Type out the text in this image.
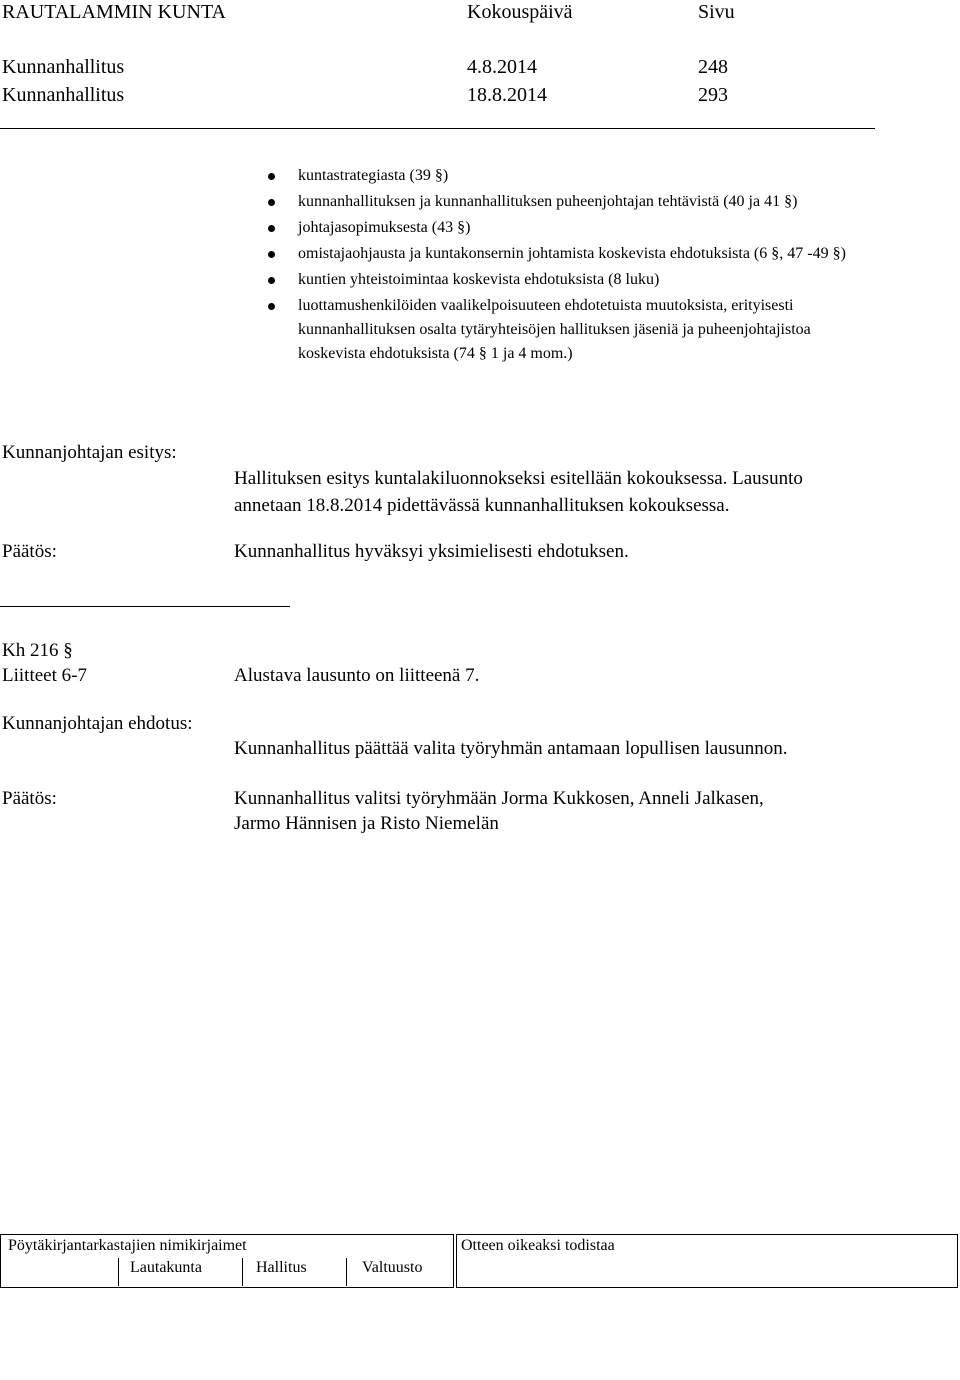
RAUTALAMMIN KUNTA	Kokouspäivä	Sivu
Kunnanhallitus	4.8.2014	248
Kunnanhallitus	18.8.2014	293
kuntastrategiasta (39 §)
kunnanhallituksen ja kunnanhallituksen puheenjohtajan tehtävistä (40 ja 41 §)
johtajasopimuksesta (43 §)
omistajaohjausta ja kuntakonsernin johtamista koskevista ehdotuksista (6 §, 47 -49 §)
kuntien yhteistoimintaa koskevista ehdotuksista (8 luku)
luottamushenkilöiden vaalikelpoisuuteen ehdotetuista muutoksista, erityisesti kunnanhallituksen osalta tytäryhteisöjen hallituksen jäseniä ja puheenjohtajistoa koskevista ehdotuksista (74 § 1 ja 4 mom.)
Kunnanjohtajan esitys:
Hallituksen esitys kuntalakiluonnokseksi esitellään kokouksessa. Lausunto
annetaan 18.8.2014 pidettävässä kunnanhallituksen kokouksessa.
Päätös:	Kunnanhallitus hyväksyi yksimielisesti ehdotuksen.
Kh 216 §
Liitteet 6-7	Alustava lausunto on liitteenä 7.
Kunnanjohtajan ehdotus:
Kunnanhallitus päättää valita työryhmän antamaan lopullisen lausunnon.
Päätös:	Kunnanhallitus valitsi työryhmään Jorma Kukkosen, Anneli Jalkasen,
Jarmo Hännisen ja Risto Niemelän
Pöytäkirjantarkastajien nimikirjaimet
Lautakunta	Hallitus	Valtuusto
Otteen oikeaksi todistaa
